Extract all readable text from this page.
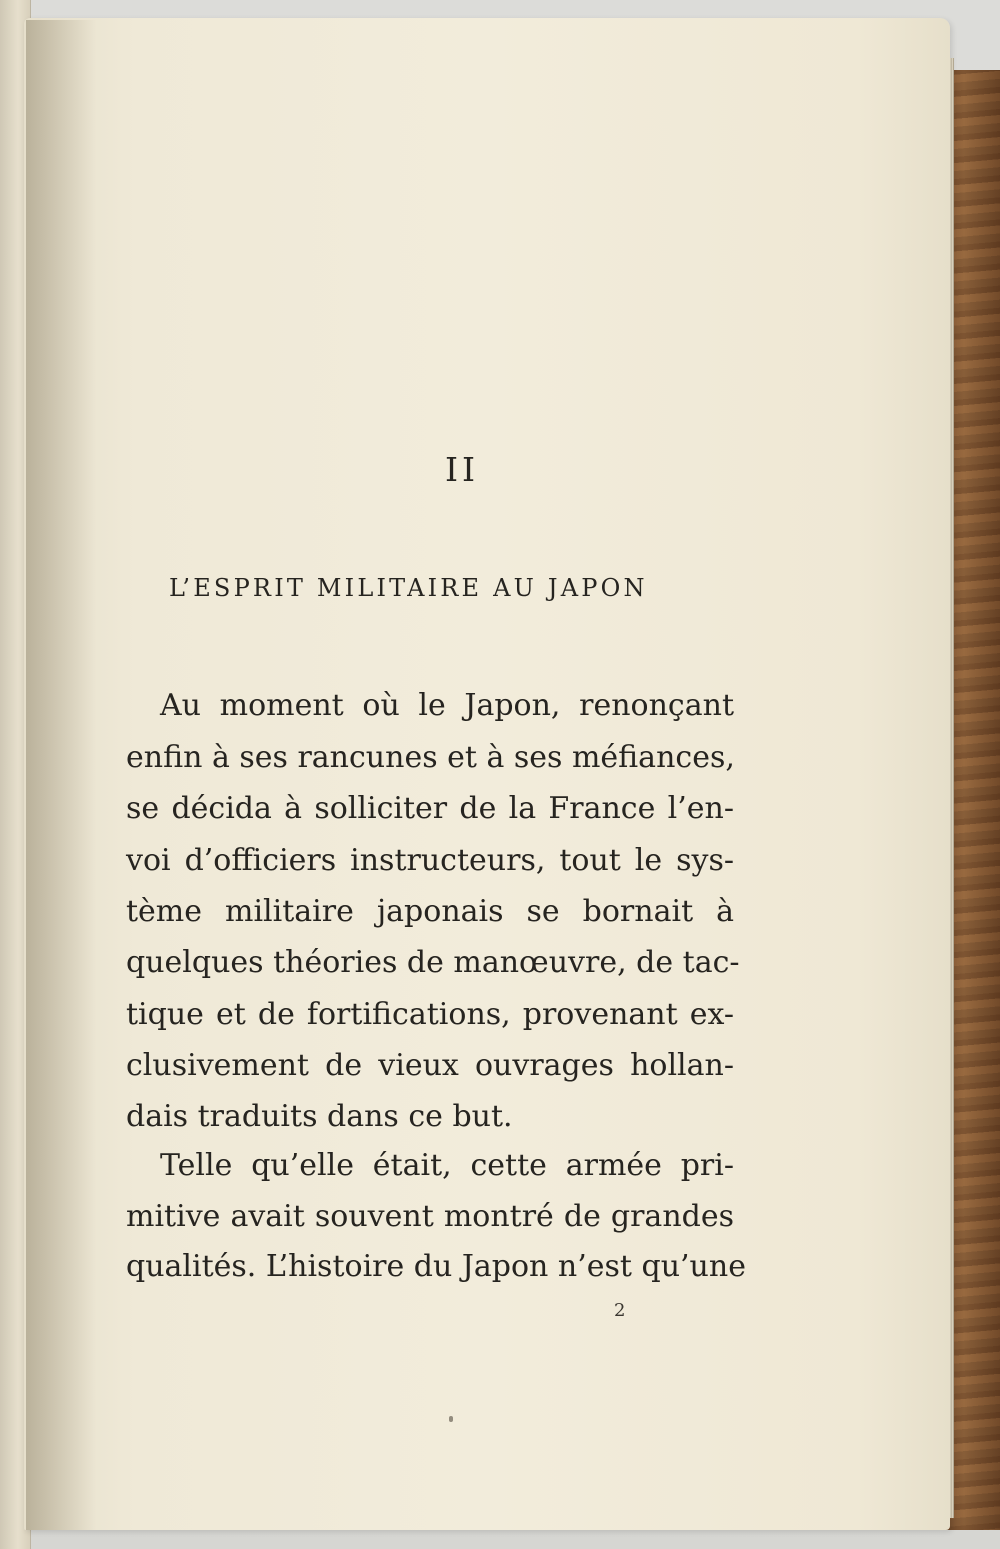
II
L’ESPRIT MILITAIRE AU JAPON
Au moment où le Japon, renonçant
enfin à ses rancunes et à ses méfiances,
se décida à solliciter de la France l’en-
voi d’officiers instructeurs, tout le sys-
tème militaire japonais se bornait à
quelques théories de manœuvre, de tac-
tique et de fortifications, provenant ex-
clusivement de vieux ouvrages hollan-
dais traduits dans ce but.
Telle qu’elle était, cette armée pri-
mitive avait souvent montré de grandes
qualités. L’histoire du Japon n’est qu’une
2
